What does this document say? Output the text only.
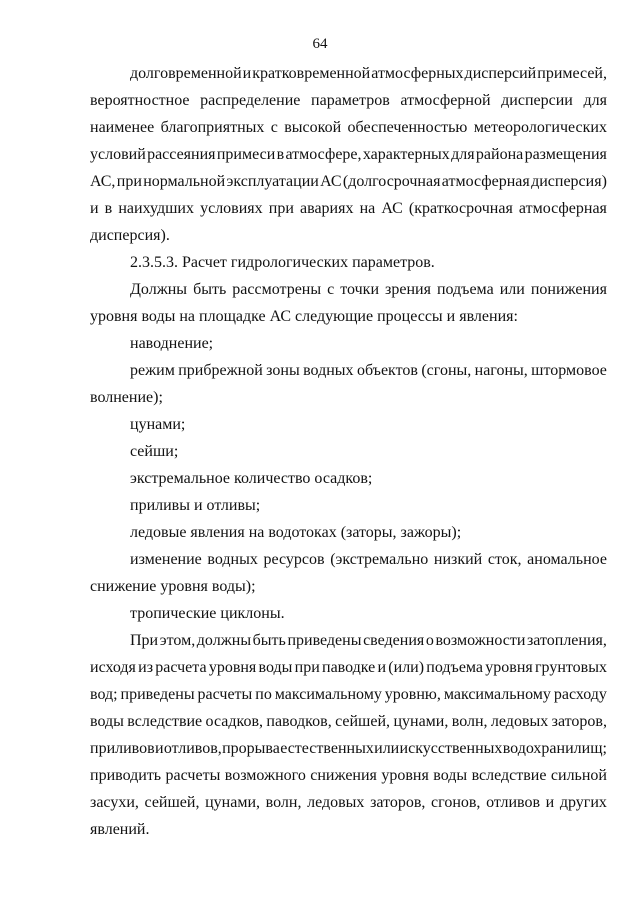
64
долговременной и кратковременной атмосферных дисперсий примесей,
вероятностное распределение параметров атмосферной дисперсии для
наименее благоприятных с высокой обеспеченностью метеорологических
условий рассеяния примеси в атмосфере, характерных для района размещения
АС, при нормальной эксплуатации АС (долгосрочная атмосферная дисперсия)
и в наихудших условиях при авариях на АС (краткосрочная атмосферная
дисперсия).
2.3.5.3. Расчет гидрологических параметров.
Должны быть рассмотрены с точки зрения подъема или понижения
уровня воды на площадке АС следующие процессы и явления:
наводнение;
режим прибрежной зоны водных объектов (сгоны, нагоны, штормовое
волнение);
цунами;
сейши;
экстремальное количество осадков;
приливы и отливы;
ледовые явления на водотоках (заторы, зажоры);
изменение водных ресурсов (экстремально низкий сток, аномальное
снижение уровня воды);
тропические циклоны.
При этом, должны быть приведены сведения о возможности затопления,
исходя из расчета уровня воды при паводке и (или) подъема уровня грунтовых
вод; приведены расчеты по максимальному уровню, максимальному расходу
воды вследствие осадков, паводков, сейшей, цунами, волн, ледовых заторов,
приливов и отливов, прорыва естественных или искусственных водохранилищ;
приводить расчеты возможного снижения уровня воды вследствие сильной
засухи, сейшей, цунами, волн, ледовых заторов, сгонов, отливов и других
явлений.
